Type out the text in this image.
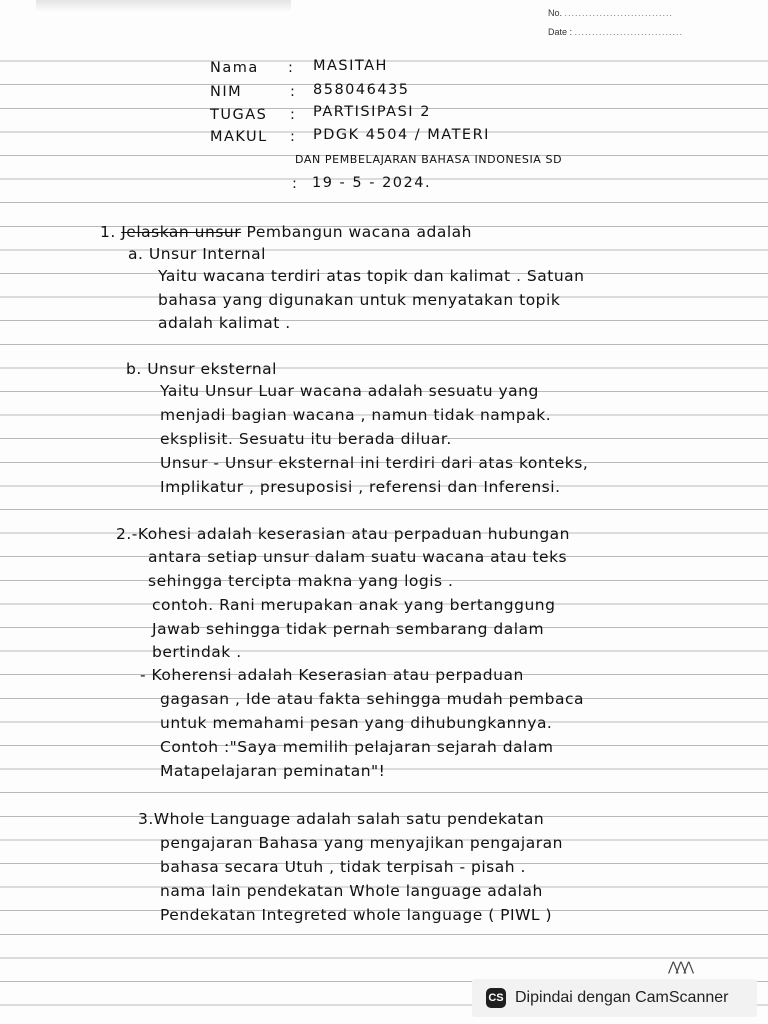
No. ...............................
Date : ...............................
Nama : MASITAH
NIM	: 858046435
TUGAS : PARTISIPASI 2
MAKUL : PDGK 4504 / MATERI
DAN PEMBELAJARAN BAHASA INDONESIA SD
: 19 - 5 - 2024.
1. Jelaskan unsur Pembangun wacana adalah
a. Unsur Internal
Yaitu wacana terdiri atas topik dan kalimat . Satuan
bahasa yang digunakan untuk menyatakan topik
adalah kalimat .
b. Unsur eksternal
Yaitu Unsur Luar wacana adalah sesuatu yang
menjadi bagian wacana , namun tidak nampak.
eksplisit. Sesuatu itu berada diluar.
Unsur - Unsur eksternal ini terdiri dari atas konteks,
Implikatur , presuposisi , referensi dan Inferensi.
2.-Kohesi adalah keserasian atau perpaduan hubungan
antara setiap unsur dalam suatu wacana atau teks
sehingga tercipta makna yang logis .
contoh. Rani merupakan anak yang bertanggung
Jawab sehingga tidak pernah sembarang dalam
bertindak .
- Koherensi adalah Keserasian atau perpaduan
gagasan , Ide atau fakta sehingga mudah pembaca
untuk memahami pesan yang dihubungkannya.
Contoh :"Saya memilih pelajaran sejarah dalam
Matapelajaran peminatan"!
3.Whole Language adalah salah satu pendekatan
pengajaran Bahasa yang menyajikan pengajaran
bahasa secara Utuh , tidak terpisah - pisah .
nama lain pendekatan Whole language adalah
Pendekatan Integreted whole language ( PIWL )
⋀⋀⋀
CS Dipindai dengan CamScanner
